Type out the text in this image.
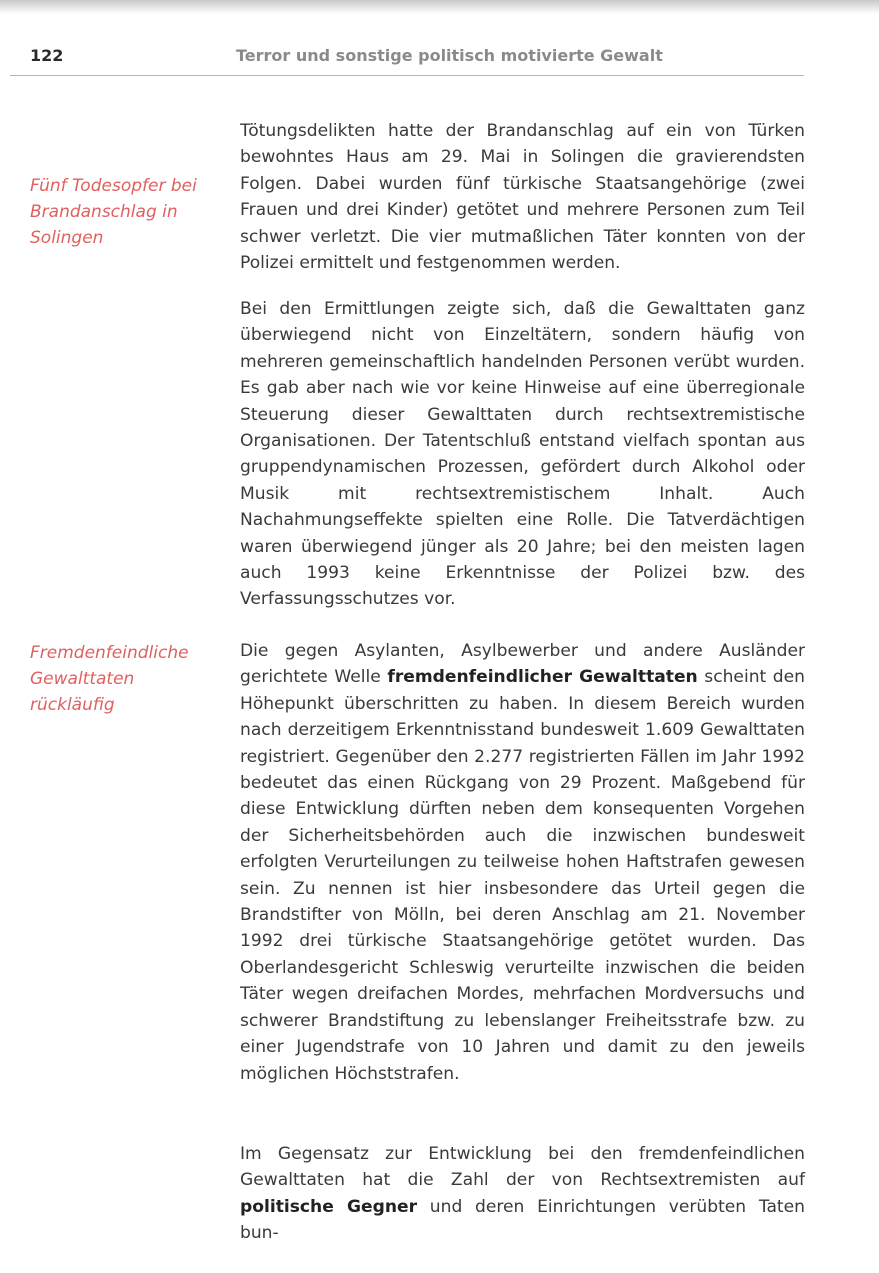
122	Terror und sonstige politisch motivierte Gewalt
Fünf Todesopfer bei Brandanschlag in Solingen
Fremdenfeindliche Gewalttaten rückläufig

Tötungsdelikten hatte der Brandanschlag auf ein von Türken bewohntes Haus am 29. Mai in Solingen die gravierendsten Folgen. Dabei wurden fünf türkische Staatsangehörige (zwei Frauen und drei Kinder) getötet und mehrere Personen zum Teil schwer verletzt. Die vier mutmaßlichen Täter konnten von der Polizei ermittelt und festgenommen werden.

Bei den Ermittlungen zeigte sich, daß die Gewalttaten ganz überwiegend nicht von Einzeltätern, sondern häufig von mehreren gemeinschaftlich handelnden Personen verübt wurden. Es gab aber nach wie vor keine Hinweise auf eine überregionale Steuerung dieser Gewalttaten durch rechtsextremistische Organisationen. Der Tatentschluß entstand vielfach spontan aus gruppendynamischen Prozessen, gefördert durch Alkohol oder Musik mit rechtsextremistischem Inhalt. Auch Nachahmungseffekte spielten eine Rolle. Die Tatverdächtigen waren überwiegend jünger als 20 Jahre; bei den meisten lagen auch 1993 keine Erkenntnisse der Polizei bzw. des Verfassungsschutzes vor.

Die gegen Asylanten, Asylbewerber und andere Ausländer gerichtete Welle fremdenfeindlicher Gewalttaten scheint den Höhepunkt überschritten zu haben. In diesem Bereich wurden nach derzeitigem Erkenntnisstand bundesweit 1.609 Gewalttaten registriert. Gegenüber den 2.277 registrierten Fällen im Jahr 1992 bedeutet das einen Rückgang von 29 Prozent. Maßgebend für diese Entwicklung dürften neben dem konsequenten Vorgehen der Sicherheitsbehörden auch die inzwischen bundesweit erfolgten Verurteilungen zu teilweise hohen Haftstrafen gewesen sein. Zu nennen ist hier insbesondere das Urteil gegen die Brandstifter von Mölln, bei deren Anschlag am 21. November 1992 drei türkische Staatsangehörige getötet wurden. Das Oberlandesgericht Schleswig verurteilte inzwischen die beiden Täter wegen dreifachen Mordes, mehrfachen Mordversuchs und schwerer Brandstiftung zu lebenslanger Freiheitsstrafe bzw. zu einer Jugendstrafe von 10 Jahren und damit zu den jeweils möglichen Höchststrafen.

Im Gegensatz zur Entwicklung bei den fremdenfeindlichen Gewalttaten hat die Zahl der von Rechtsextremisten auf politische Gegner und deren Einrichtungen verübten Taten bun-
